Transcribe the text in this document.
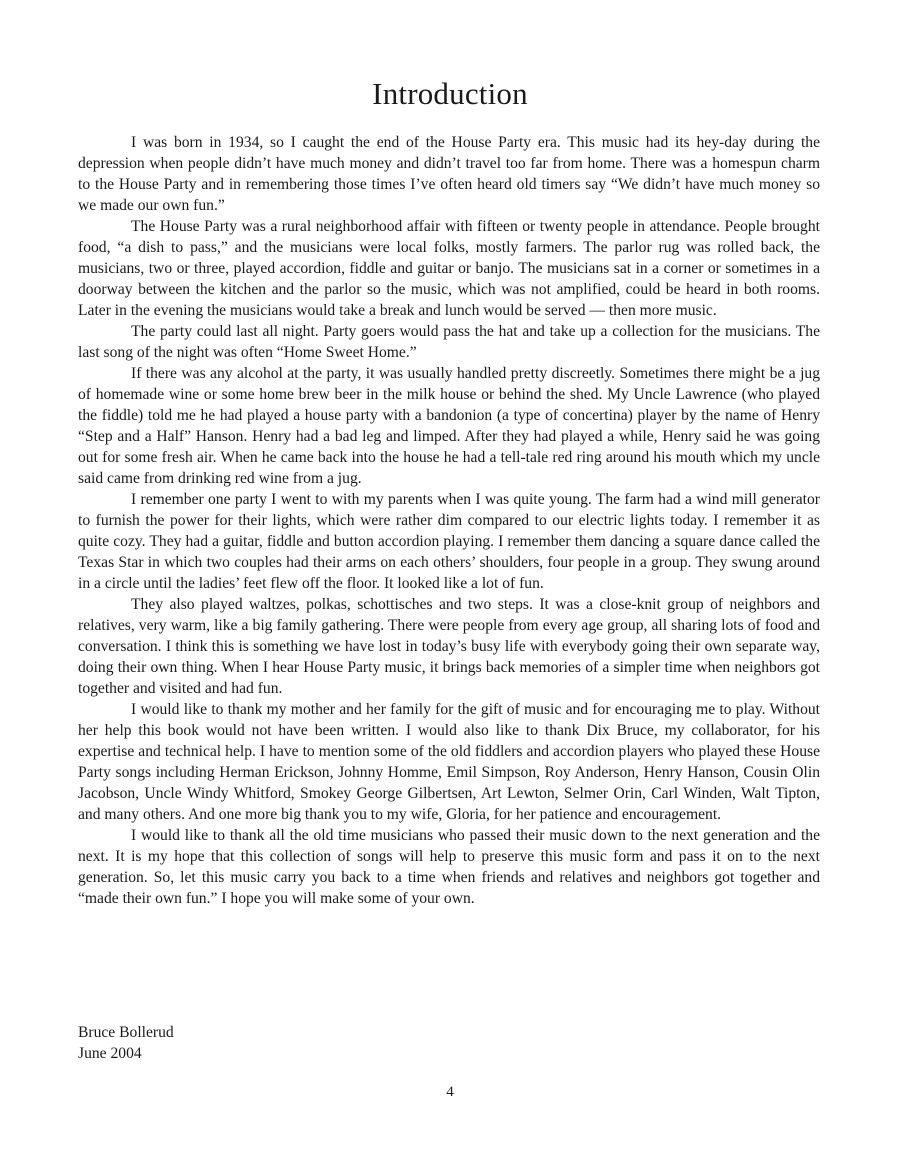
Introduction

I was born in 1934, so I caught the end of the House Party era. This music had its hey-day during the depression when people didn’t have much money and didn’t travel too far from home. There was a homespun charm to the House Party and in remembering those times I’ve often heard old timers say “We didn’t have much money so we made our own fun.”

The House Party was a rural neighborhood affair with fifteen or twenty people in attendance. People brought food, “a dish to pass,” and the musicians were local folks, mostly farmers. The parlor rug was rolled back, the musicians, two or three, played accordion, fiddle and guitar or banjo. The musicians sat in a corner or sometimes in a doorway between the kitchen and the parlor so the music, which was not amplified, could be heard in both rooms. Later in the evening the musicians would take a break and lunch would be served — then more music.

The party could last all night. Party goers would pass the hat and take up a collection for the musicians. The last song of the night was often “Home Sweet Home.”

If there was any alcohol at the party, it was usually handled pretty discreetly. Sometimes there might be a jug of homemade wine or some home brew beer in the milk house or behind the shed. My Uncle Lawrence (who played the fiddle) told me he had played a house party with a bandonion (a type of concertina) player by the name of Henry “Step and a Half” Hanson. Henry had a bad leg and limped. After they had played a while, Henry said he was going out for some fresh air. When he came back into the house he had a tell-tale red ring around his mouth which my uncle said came from drinking red wine from a jug.

I remember one party I went to with my parents when I was quite young. The farm had a wind mill generator to furnish the power for their lights, which were rather dim compared to our electric lights today. I remember it as quite cozy. They had a guitar, fiddle and button accordion playing. I remember them dancing a square dance called the Texas Star in which two couples had their arms on each others’ shoulders, four people in a group. They swung around in a circle until the ladies’ feet flew off the floor. It looked like a lot of fun.

They also played waltzes, polkas, schottisches and two steps. It was a close-knit group of neighbors and relatives, very warm, like a big family gathering. There were people from every age group, all sharing lots of food and conversation. I think this is something we have lost in today’s busy life with everybody going their own separate way, doing their own thing. When I hear House Party music, it brings back memories of a simpler time when neighbors got together and visited and had fun.

I would like to thank my mother and her family for the gift of music and for encouraging me to play. Without her help this book would not have been written. I would also like to thank Dix Bruce, my collaborator, for his expertise and technical help. I have to mention some of the old fiddlers and accordion players who played these House Party songs including Herman Erickson, Johnny Homme, Emil Simpson, Roy Anderson, Henry Hanson, Cousin Olin Jacobson, Uncle Windy Whitford, Smokey George Gilbertsen, Art Lewton, Selmer Orin, Carl Winden, Walt Tipton, and many others. And one more big thank you to my wife, Gloria, for her patience and encouragement.

I would like to thank all the old time musicians who passed their music down to the next generation and the next. It is my hope that this collection of songs will help to preserve this music form and pass it on to the next generation. So, let this music carry you back to a time when friends and relatives and neighbors got together and “made their own fun.” I hope you will make some of your own.

Bruce Bollerud
June 2004
4
